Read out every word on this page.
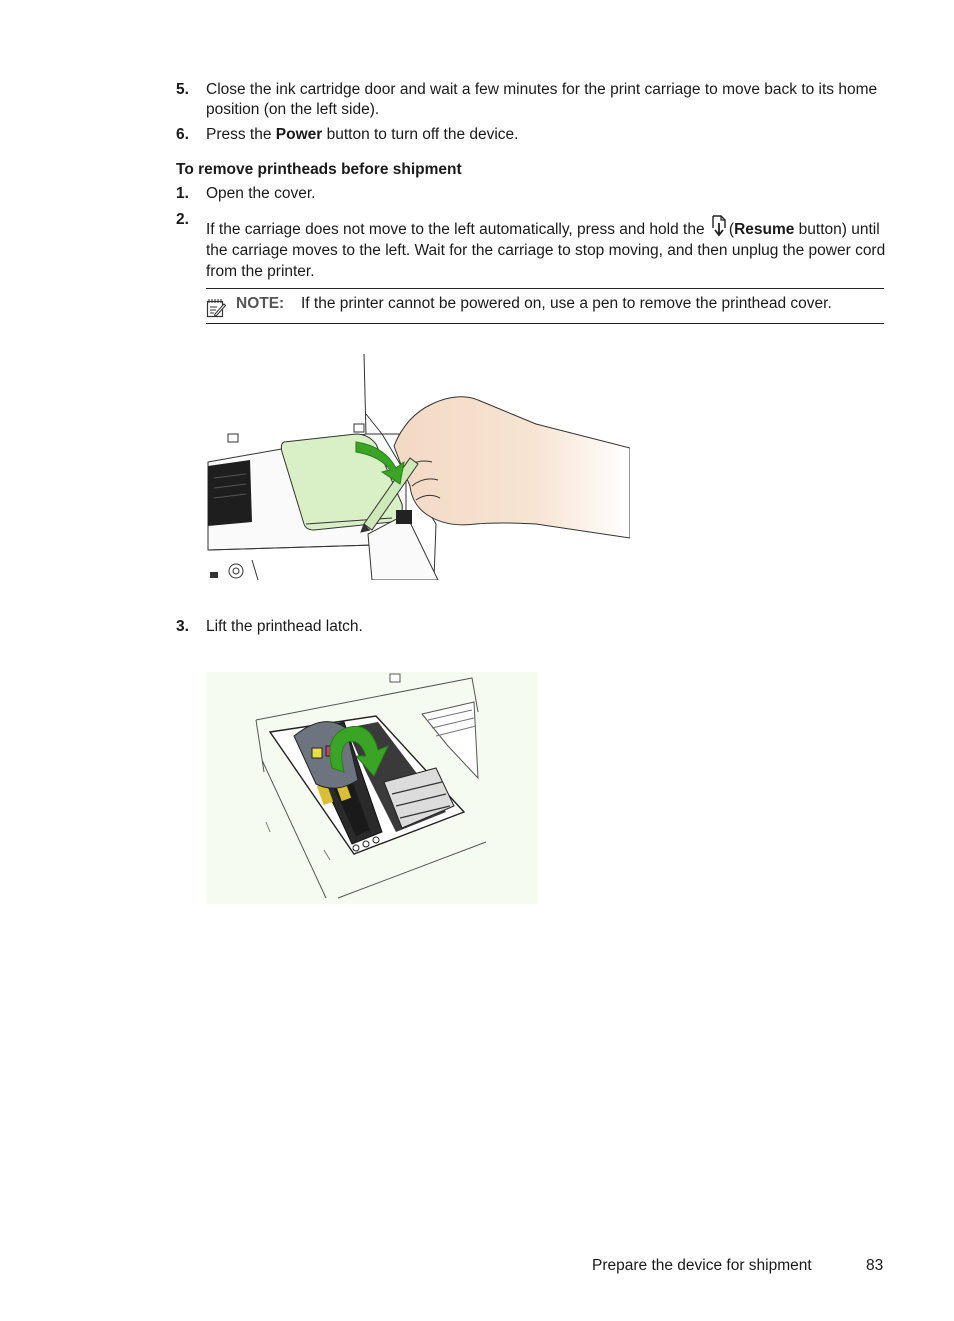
5. Close the ink cartridge door and wait a few minutes for the print carriage to move back to its home position (on the left side).
6. Press the Power button to turn off the device.
To remove printheads before shipment
1. Open the cover.
2.
If the carriage does not move to the left automatically, press and hold the (Resume button) until the carriage moves to the left. Wait for the carriage to stop moving, and then unplug the power cord from the printer.
NOTE: If the printer cannot be powered on, use a pen to remove the printhead cover.
3. Lift the printhead latch.
Prepare the device for shipment	83
